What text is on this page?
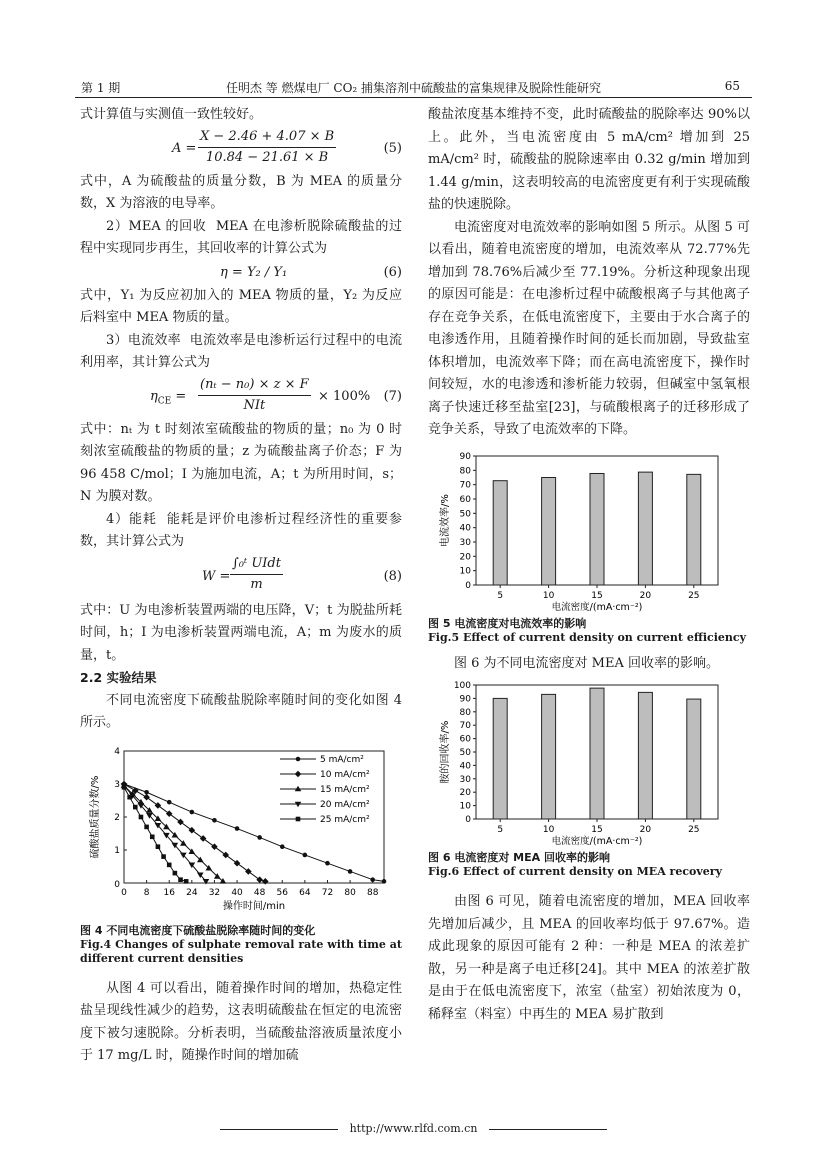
第 1 期	任明杰 等 燃煤电厂 CO₂ 捕集溶剂中硫酸盐的富集规律及脱除性能研究	65

式计算值与实测值一致性较好。

$A = \frac{X - 2.46 + 4.07 \times B}{10.84 - 21.61 \times B}$	(5)

式中，A 为硫酸盐的质量分数，B 为 MEA 的质量分数，X 为溶液的电导率。

2）MEA 的回收 MEA 在电渗析脱除硫酸盐的过程中实现同步再生，其回收率的计算公式为

η = Y₂ / Y₁	(6)

式中，Y₁ 为反应初加入的 MEA 物质的量，Y₂ 为反应后料室中 MEA 物质的量。

3）电流效率 电流效率是电渗析运行过程中的电流利用率，其计算公式为

$\eta_{CE}$ =
(nₜ − n₀) × z × F
NIt
× 100% (7)

式中：nₜ 为 t 时刻浓室硫酸盐的物质的量；n₀ 为 0 时刻浓室硫酸盐的物质的量；z 为硫酸盐离子价态；F 为 96 458 C/mol；I 为施加电流，A；t 为所用时间，s；N 为膜对数。

4）能耗 能耗是评价电渗析过程经济性的重要参数，其计算公式为

W =
∫₀ᵗ UIdt
m
(8)

式中：U 为电渗析装置两端的电压降，V；t 为脱盐所耗时间，h；I 为电渗析装置两端电流，A；m 为废水的质量，t。

2.2 实验结果

不同电流密度下硫酸盐脱除率随时间的变化如图 4 所示。

0 8 16 24 32 40 48 56 64 72 80 88
0
1
2
3
4
操作时间/min
硫酸盐质量分数/%
5 mA/cm²
10 mA/cm²
15 mA/cm²
20 mA/cm²
25 mA/cm²

图 4 不同电流密度下硫酸盐脱除率随时间的变化

Fig.4 Changes of sulphate removal rate with time at different current densities

从图 4 可以看出，随着操作时间的增加，热稳定性盐呈现线性减少的趋势，这表明硫酸盐在恒定的电流密度下被匀速脱除。分析表明，当硫酸盐溶液质量浓度小于 17 mg/L 时，随操作时间的增加硫

酸盐浓度基本维持不变，此时硫酸盐的脱除率达 90%以上。此外，当电流密度由 5 mA/cm² 增加到 25 mA/cm² 时，硫酸盐的脱除速率由 0.32 g/min 增加到 1.44 g/min，这表明较高的电流密度更有利于实现硫酸盐的快速脱除。

电流密度对电流效率的影响如图 5 所示。从图 5 可以看出，随着电流密度的增加，电流效率从 72.77%先增加到 78.76%后减少至 77.19%。分析这种现象出现的原因可能是：在电渗析过程中硫酸根离子与其他离子存在竞争关系，在低电流密度下，主要由于水合离子的电渗透作用，且随着操作时间的延长而加剧，导致盐室体积增加，电流效率下降；而在高电流密度下，操作时间较短，水的电渗透和渗析能力较弱，但碱室中氢氧根离子快速迁移至盐室[23]，与硫酸根离子的迁移形成了竞争关系，导致了电流效率的下降。

0
10
20
30
40
50
60
70
80
90
5	10	15	20	25
电流密度/(mA·cm⁻²)
电流效率/%

图 5 电流密度对电流效率的影响

Fig.5 Effect of current density on current efficiency

图 6 为不同电流密度对 MEA 回收率的影响。

0
10
20
30
40
50
60
70
80
90
100
5	10	15	20	25
电流密度/(mA·cm⁻²)
胺的回收率/%

图 6 电流密度对 MEA 回收率的影响

Fig.6 Effect of current density on MEA recovery

由图 6 可见，随着电流密度的增加，MEA 回收率先增加后减少，且 MEA 的回收率均低于 97.67%。造成此现象的原因可能有 2 种：一种是 MEA 的浓差扩散，另一种是离子电迁移[24]。其中 MEA 的浓差扩散是由于在低电流密度下，浓室（盐室）初始浓度为 0，稀释室（料室）中再生的 MEA 易扩散到

http://www.rlfd.com.cn
